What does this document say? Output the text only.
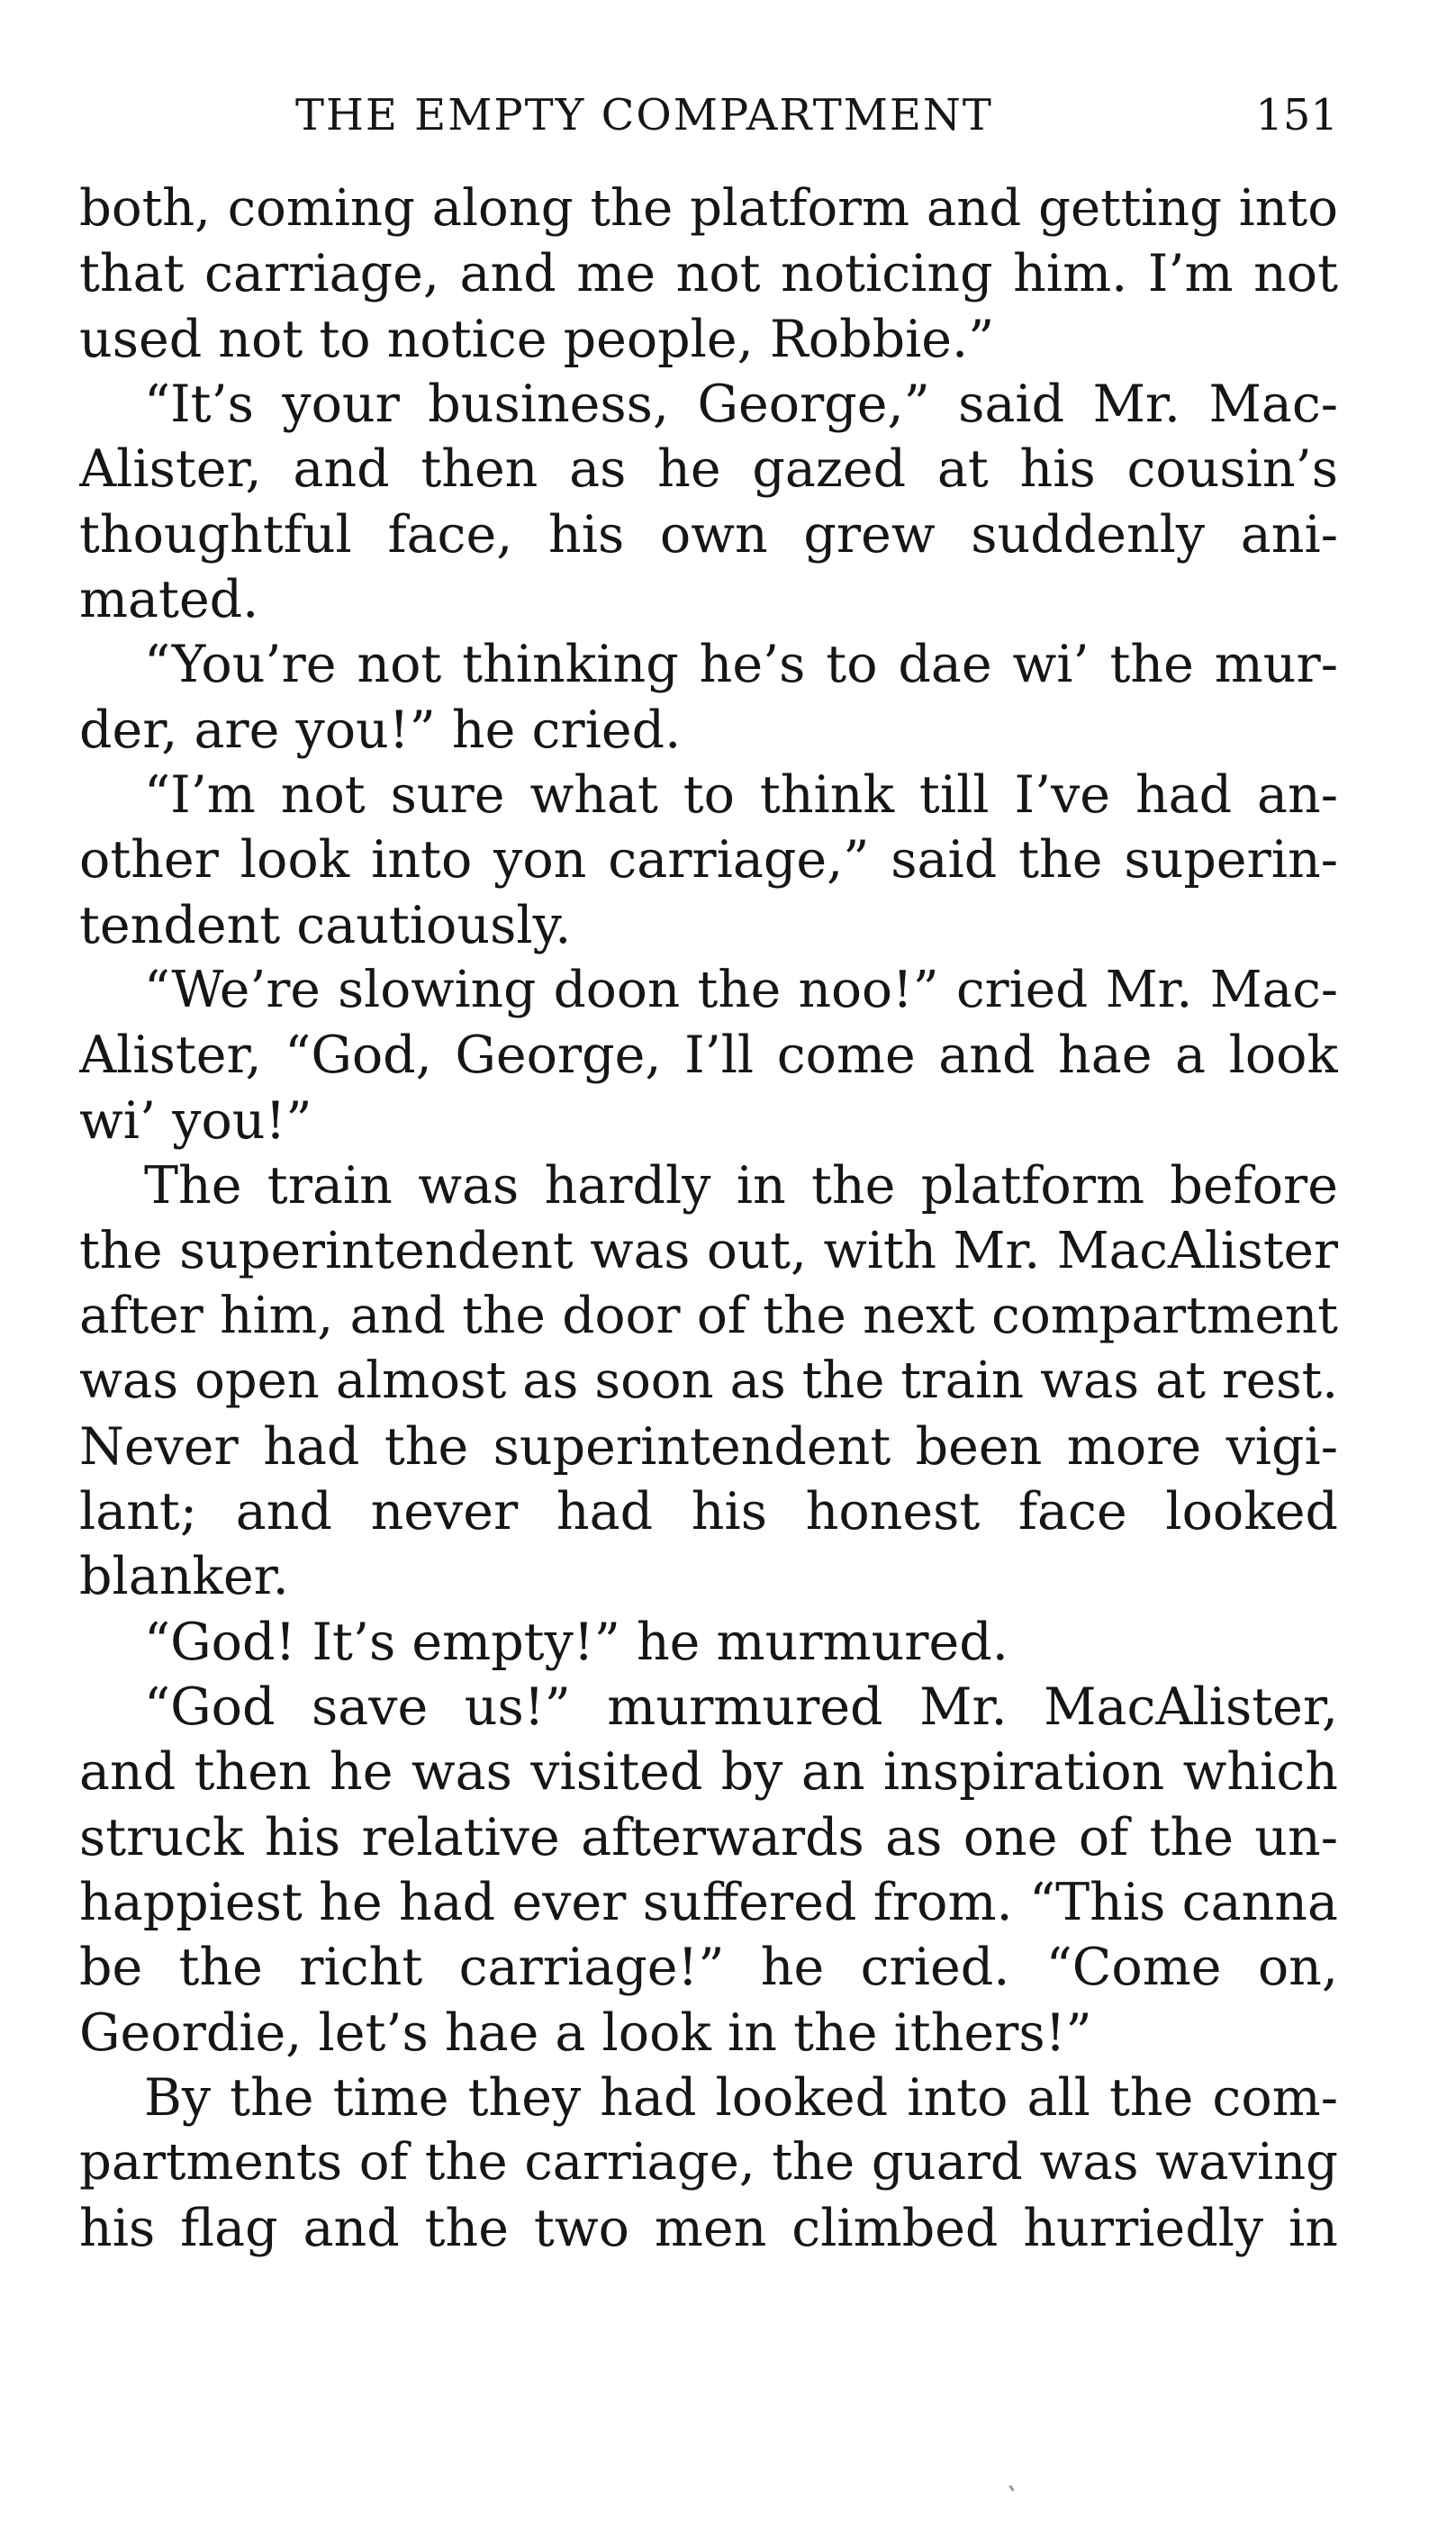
THE EMPTY COMPARTMENT	151
both, coming along the platform and getting into
that carriage, and me not noticing him. I’m not
used not to notice people, Robbie.”
“It’s your business, George,” said Mr. Mac-
Alister, and then as he gazed at his cousin’s
thoughtful face, his own grew suddenly ani-
mated.
“You’re not thinking he’s to dae wi’ the mur-
der, are you!” he cried.
“I’m not sure what to think till I’ve had an-
other look into yon carriage,” said the superin-
tendent cautiously.
“We’re slowing doon the noo!” cried Mr. Mac-
Alister, “God, George, I’ll come and hae a look
wi’ you!”
The train was hardly in the platform before
the superintendent was out, with Mr. MacAlister
after him, and the door of the next compartment
was open almost as soon as the train was at rest.
Never had the superintendent been more vigi-
lant; and never had his honest face looked
blanker.
“God! It’s empty!” he murmured.
“God save us!” murmured Mr. MacAlister,
and then he was visited by an inspiration which
struck his relative afterwards as one of the un-
happiest he had ever suffered from. “This canna
be the richt carriage!” he cried. “Come on,
Geordie, let’s hae a look in the ithers!”
By the time they had looked into all the com-
partments of the carriage, the guard was waving
his flag and the two men climbed hurriedly in
